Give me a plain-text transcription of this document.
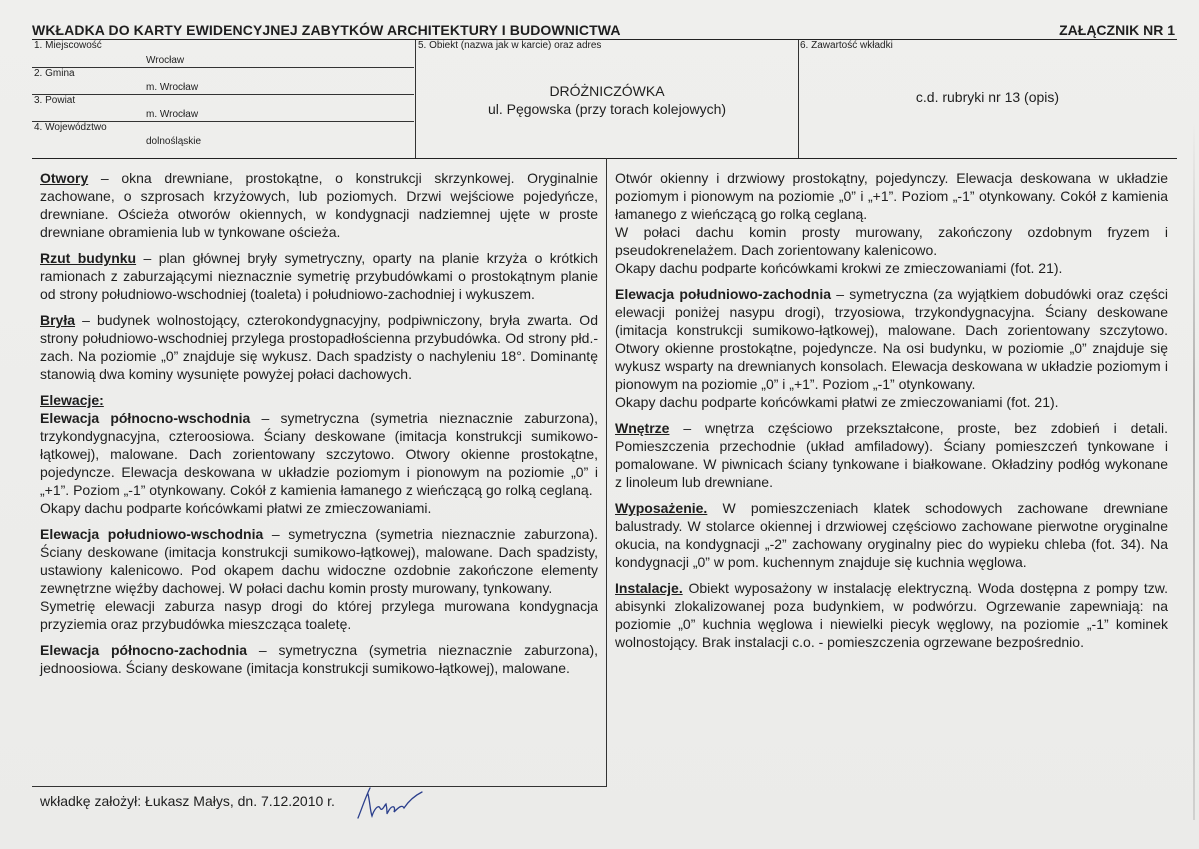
WKŁADKA DO KARTY EWIDENCYJNEJ ZABYTKÓW ARCHITEKTURY I BUDOWNICTWA	ZAŁĄCZNIK NR 1
1. Miejscowość
Wrocław
2. Gmina
m. Wrocław
3. Powiat
m. Wrocław
4. Województwo
dolnośląskie
5. Obiekt (nazwa jak w karcie) oraz adres
DRÓŻNICZÓWKA
ul. Pęgowska (przy torach kolejowych)
6. Zawartość wkładki
c.d. rubryki nr 13 (opis)

Otwory – okna drewniane, prostokątne, o konstrukcji skrzynkowej. Oryginalnie zachowane, o szprosach krzyżowych, lub poziomych. Drzwi wejściowe pojedyńcze, drewniane. Ościeża otworów okiennych, w kondygnacji nadziemnej ujęte w proste drewniane obramienia lub w tynkowane ościeża.

Rzut budynku – plan głównej bryły symetryczny, oparty na planie krzyża o krótkich ramionach z zaburzającymi nieznacznie symetrię przybudówkami o prostokątnym planie od strony południowo-wschodniej (toaleta) i południowo-zachodniej i wykuszem.

Bryła – budynek wolnostojący, czterokondygnacyjny, podpiwniczony, bryła zwarta. Od strony południowo-wschodniej przylega prostopadłościenna przybudówka. Od strony płd.-zach. Na poziomie „0” znajduje się wykusz. Dach spadzisty o nachyleniu 18°. Dominantę stanowią dwa kominy wysunięte powyżej połaci dachowych.

Elewacje:

Elewacja północno-wschodnia – symetryczna (symetria nieznacznie zaburzona), trzykondygnacyjna, czteroosiowa. Ściany deskowane (imitacja konstrukcji sumikowo-łątkowej), malowane. Dach zorientowany szczytowo. Otwory okienne prostokątne, pojedyncze. Elewacja deskowana w układzie poziomym i pionowym na poziomie „0” i „+1”. Poziom „-1” otynkowany. Cokół z kamienia łamanego z wieńczącą go rolką ceglaną.
Okapy dachu podparte końcówkami płatwi ze zmieczowaniami.

Elewacja południowo-wschodnia – symetryczna (symetria nieznacznie zaburzona). Ściany deskowane (imitacja konstrukcji sumikowo-łątkowej), malowane. Dach spadzisty, ustawiony kalenicowo. Pod okapem dachu widoczne ozdobnie zakończone elementy zewnętrzne więźby dachowej. W połaci dachu komin prosty murowany, tynkowany.
Symetrię elewacji zaburza nasyp drogi do której przylega murowana kondygnacja przyziemia oraz przybudówka mieszcząca toaletę.

Elewacja północno-zachodnia – symetryczna (symetria nieznacznie zaburzona), jednoosiowa. Ściany deskowane (imitacja konstrukcji sumikowo-łątkowej), malowane.

Otwór okienny i drzwiowy prostokątny, pojedynczy. Elewacja deskowana w układzie poziomym i pionowym na poziomie „0” i „+1”. Poziom „-1” otynkowany. Cokół z kamienia łamanego z wieńczącą go rolką ceglaną.
W połaci dachu komin prosty murowany, zakończony ozdobnym fryzem i pseudokrenelażem. Dach zorientowany kalenicowo.
Okapy dachu podparte końcówkami krokwi ze zmieczowaniami (fot. 21).

Elewacja południowo-zachodnia – symetryczna (za wyjątkiem dobudówki oraz części elewacji poniżej nasypu drogi), trzyosiowa, trzykondygnacyjna. Ściany deskowane (imitacja konstrukcji sumikowo-łątkowej), malowane. Dach zorientowany szczytowo. Otwory okienne prostokątne, pojedyncze. Na osi budynku, w poziomie „0” znajduje się wykusz wsparty na drewnianych konsolach. Elewacja deskowana w układzie poziomym i pionowym na poziomie „0” i „+1”. Poziom „-1” otynkowany.
Okapy dachu podparte końcówkami płatwi ze zmieczowaniami (fot. 21).

Wnętrze – wnętrza częściowo przekształcone, proste, bez zdobień i detali. Pomieszczenia przechodnie (układ amfiladowy). Ściany pomieszczeń tynkowane i pomalowane. W piwnicach ściany tynkowane i białkowane. Okładziny podłóg wykonane z linoleum lub drewniane.

Wyposażenie. W pomieszczeniach klatek schodowych zachowane drewniane balustrady. W stolarce okiennej i drzwiowej częściowo zachowane pierwotne oryginalne okucia, na kondygnacji „-2” zachowany oryginalny piec do wypieku chleba (fot. 34). Na kondygnacji „0” w pom. kuchennym znajduje się kuchnia węglowa.

Instalacje. Obiekt wyposażony w instalację elektryczną. Woda dostępna z pompy tzw. abisynki zlokalizowanej poza budynkiem, w podwórzu. Ogrzewanie zapewniają: na poziomie „0” kuchnia węglowa i niewielki piecyk węglowy, na poziomie „-1” kominek wolnostojący. Brak instalacji c.o. - pomieszczenia ogrzewane bezpośrednio.

wkładkę założył: Łukasz Małys, dn. 7.12.2010 r.
